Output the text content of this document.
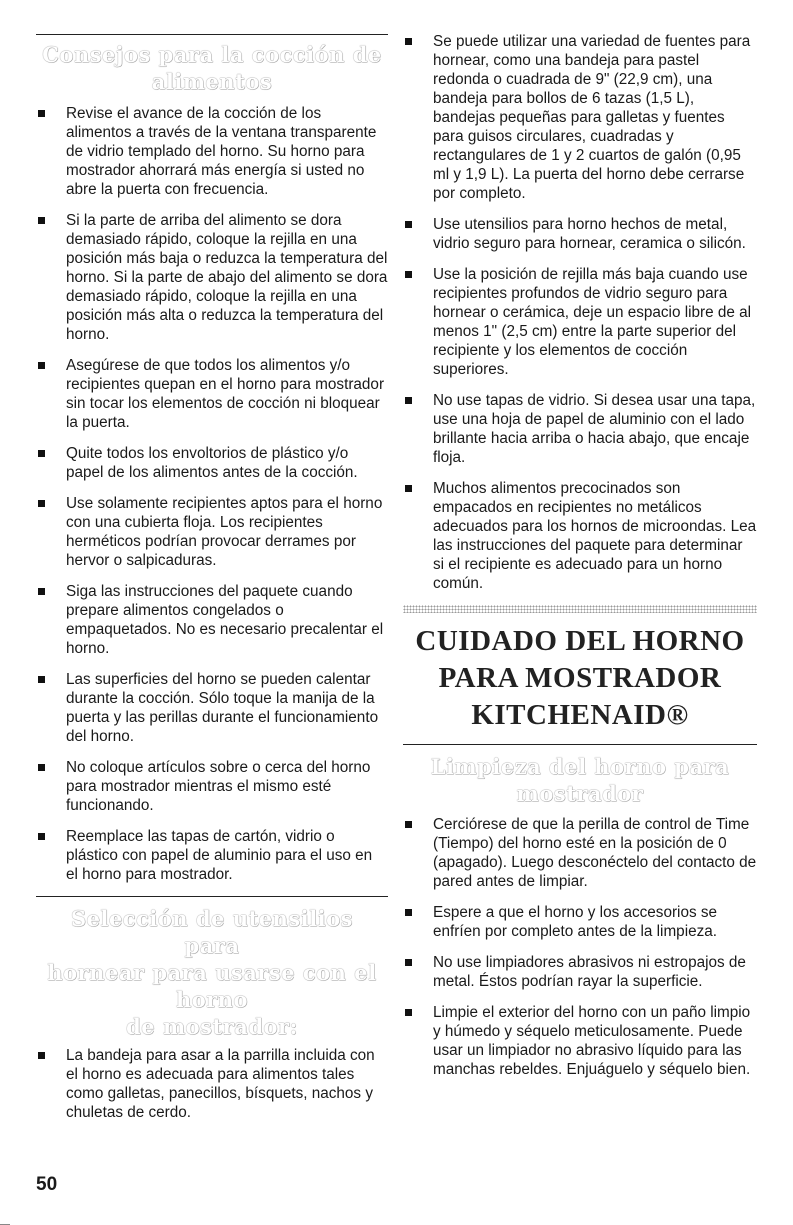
Consejos para la cocción de
alimentos
Revise el avance de la cocción de los alimentos a través de la ventana transparente de vidrio templado del horno. Su horno para mostrador ahorrará más energía si usted no abre la puerta con frecuencia.
Si la parte de arriba del alimento se dora demasiado rápido, coloque la rejilla en una posición más baja o reduzca la temperatura del horno. Si la parte de abajo del alimento se dora demasiado rápido, coloque la rejilla en una posición más alta o reduzca la temperatura del horno.
Asegúrese de que todos los alimentos y/o recipientes quepan en el horno para mostrador sin tocar los elementos de cocción ni bloquear la puerta.
Quite todos los envoltorios de plástico y/o papel de los alimentos antes de la cocción.
Use solamente recipientes aptos para el horno con una cubierta floja. Los recipientes herméticos podrían provocar derrames por hervor o salpicaduras.
Siga las instrucciones del paquete cuando prepare alimentos congelados o empaquetados. No es necesario precalentar el horno.
Las superficies del horno se pueden calentar durante la cocción. Sólo toque la manija de la puerta y las perillas durante el funcionamiento del horno.
No coloque artículos sobre o cerca del horno para mostrador mientras el mismo esté funcionando.
Reemplace las tapas de cartón, vidrio o plástico con papel de aluminio para el uso en el horno para mostrador.
Selección de utensilios para
hornear para usarse con el horno
de mostrador:
La bandeja para asar a la parrilla incluida con el horno es adecuada para alimentos tales como galletas, panecillos, bísquets, nachos y chuletas de cerdo.
Se puede utilizar una variedad de fuentes para hornear, como una bandeja para pastel redonda o cuadrada de 9" (22,9 cm), una bandeja para bollos de 6 tazas (1,5 L), bandejas pequeñas para galletas y fuentes para guisos circulares, cuadradas y rectangulares de 1 y 2 cuartos de galón (0,95 ml y 1,9 L). La puerta del horno debe cerrarse por completo.
Use utensilios para horno hechos de metal, vidrio seguro para hornear, ceramica o silicón.
Use la posición de rejilla más baja cuando use recipientes profundos de vidrio seguro para hornear o cerámica, deje un espacio libre de al menos 1" (2,5 cm) entre la parte superior del recipiente y los elementos de cocción superiores.
No use tapas de vidrio. Si desea usar una tapa, use una hoja de papel de aluminio con el lado brillante hacia arriba o hacia abajo, que encaje floja.
Muchos alimentos precocinados son empacados en recipientes no metálicos adecuados para los hornos de microondas. Lea las instrucciones del paquete para determinar si el recipiente es adecuado para un horno común.
CUIDADO DEL HORNO
PARA MOSTRADOR
KITCHENAID®
Limpieza del horno para
mostrador
Cerciórese de que la perilla de control de Time (Tiempo) del horno esté en la posición de 0 (apagado). Luego desconéctelo del contacto de pared antes de limpiar.
Espere a que el horno y los accesorios se enfríen por completo antes de la limpieza.
No use limpiadores abrasivos ni estropajos de metal. Éstos podrían rayar la superficie.
Limpie el exterior del horno con un paño limpio y húmedo y séquelo meticulosamente. Puede usar un limpiador no abrasivo líquido para las manchas rebeldes. Enjuáguelo y séquelo bien.
50
